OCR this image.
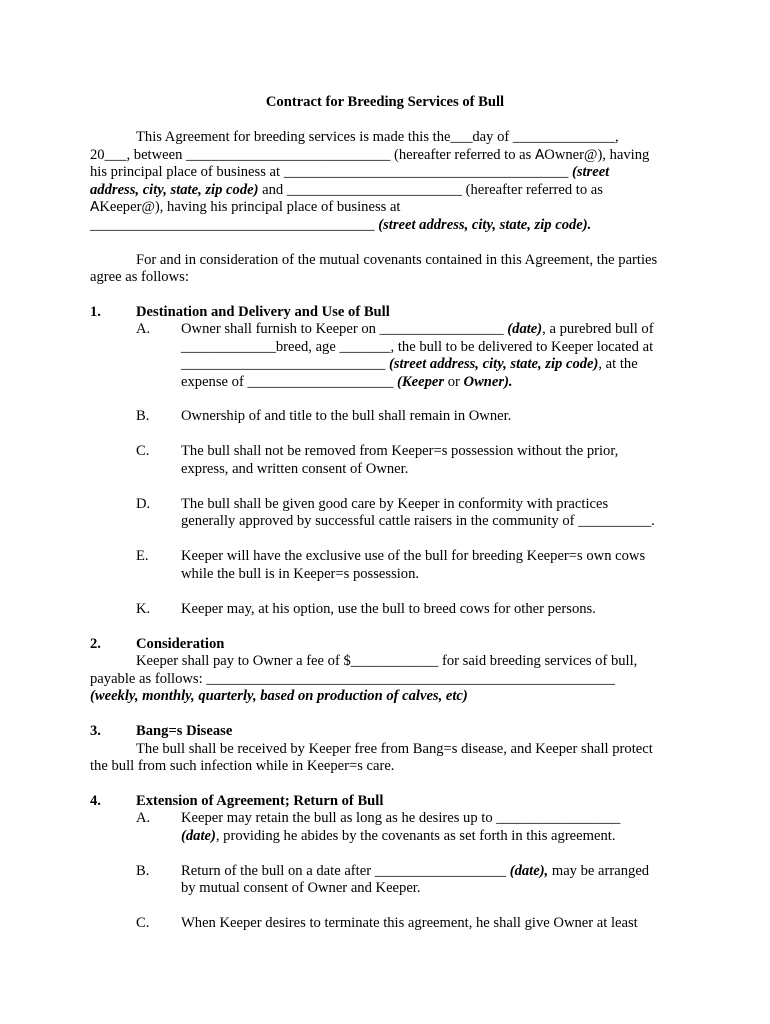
Contract for Breeding Services of Bull
This Agreement for breeding services is made this the___day of ______________,
20___, between ____________________________ (hereafter referred to as AOwner@), having
his principal place of business at _______________________________________ (street
address, city, state, zip code) and ________________________ (hereafter referred to as
AKeeper@), having his principal place of business at
_______________________________________ (street address, city, state, zip code).
For and in consideration of the mutual covenants contained in this Agreement, the parties
agree as follows:
1. Destination and Delivery and Use of Bull
A. Owner shall furnish to Keeper on _________________ (date), a purebred bull of
_____________breed, age _______, the bull to be delivered to Keeper located at
____________________________ (street address, city, state, zip code), at the
expense of ____________________ (Keeper or Owner).
B. Ownership of and title to the bull shall remain in Owner.
C. The bull shall not be removed from Keeper=s possession without the prior,
express, and written consent of Owner.
D. The bull shall be given good care by Keeper in conformity with practices
generally approved by successful cattle raisers in the community of __________.
E. Keeper will have the exclusive use of the bull for breeding Keeper=s own cows
while the bull is in Keeper=s possession.
K. Keeper may, at his option, use the bull to breed cows for other persons.
2. Consideration
Keeper shall pay to Owner a fee of $____________ for said breeding services of bull,
payable as follows: ________________________________________________________
(weekly, monthly, quarterly, based on production of calves, etc)
3. Bang=s Disease
The bull shall be received by Keeper free from Bang=s disease, and Keeper shall protect
the bull from such infection while in Keeper=s care.
4. Extension of Agreement; Return of Bull
A. Keeper may retain the bull as long as he desires up to _________________
(date), providing he abides by the covenants as set forth in this agreement.
B. Return of the bull on a date after __________________ (date), may be arranged
by mutual consent of Owner and Keeper.
C. When Keeper desires to terminate this agreement, he shall give Owner at least
